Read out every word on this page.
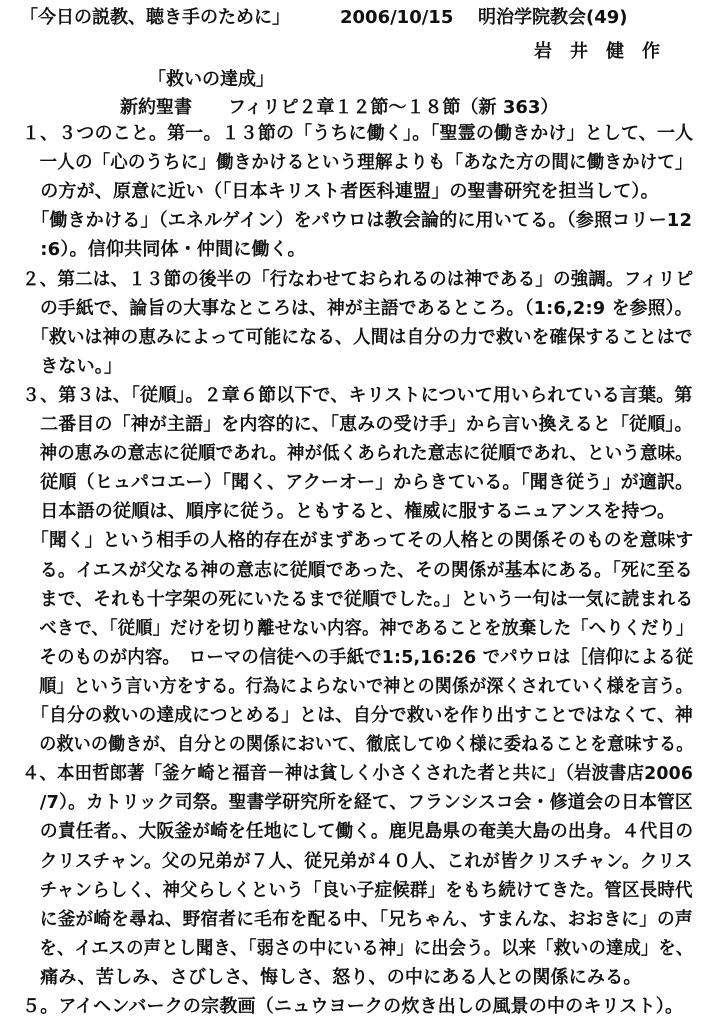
「今日の説教、聴き手のために」	2006/10/15 明治学院教会(49)
岩　井　健　作
「救いの達成」
新約聖書　　フィリピ２章１２節～１８節（新 363）
１、３つのこと。第一。１３節の「うちに働く」。「聖霊の働きかけ」として、一人
　一人の「心のうちに」働きかけるという理解よりも「あなた方の間に働きかけて」
　の方が、原意に近い（「日本キリスト者医科連盟」の聖書研究を担当して）。
　「働きかける」（エネルゲイン）をパウロは教会論的に用いてる。（参照コリー12
　:6）。信仰共同体・仲間に働く。
２、第二は、１３節の後半の「行なわせておられるのは神である」の強調。フィリピ
　の手紙で、論旨の大事なところは、神が主語であるところ。（1:6,2:9 を参照）。
　「救いは神の恵みによって可能になる、人間は自分の力で救いを確保することはで
　きない。」
３、第３は、「従順」。２章６節以下で、キリストについて用いられている言葉。第
　二番目の「神が主語」を内容的に、「恵みの受け手」から言い換えると「従順」。
　神の恵みの意志に従順であれ。神が低くあられた意志に従順であれ、という意味。
　従順（ヒュパコエー）「聞く、アクーオー」からきている。「聞き従う」が適訳。
　日本語の従順は、順序に従う。ともすると、権威に服するニュアンスを持つ。
　「聞く」という相手の人格的存在がまずあってその人格との関係そのものを意味す
　る。イエスが父なる神の意志に従順であった、その関係が基本にある。「死に至る
　まで、それも十字架の死にいたるまで従順でした。」という一句は一気に読まれる
　べきで、「従順」だけを切り離せない内容。神であることを放棄した「へりくだり」
　そのものが内容。　ローマの信徒への手紙で1:5,16:26 でパウロは［信仰による従
　順」という言い方をする。行為によらないで神との関係が深くされていく様を言う。
　「自分の救いの達成につとめる」とは、自分で救いを作り出すことではなくて、神
　の救いの働きが、自分との関係において、徹底してゆく様に委ねることを意味する。
４、本田哲郎著「釜ケ崎と福音－神は貧しく小さくされた者と共に」（岩波書店2006
　/7）。カトリック司祭。聖書学研究所を経て、フランシスコ会・修道会の日本管区
　の責任者。、大阪釜が崎を任地にして働く。鹿児島県の奄美大島の出身。４代目の
　クリスチャン。父の兄弟が７人、従兄弟が４０人、これが皆クリスチャン。クリス
　チャンらしく、神父らしくという「良い子症候群」をもち続けてきた。管区長時代
　に釜が崎を尋ね、野宿者に毛布を配る中、「兄ちゃん、すまんな、おおきに」の声
　を、イエスの声とし聞き、「弱さの中にいる神」に出会う。以来「救いの達成」を、
　痛み、苦しみ、さびしさ、悔しさ、怒り、の中にある人との関係にみる。
５。アイヘンバークの宗教画（ニュウヨークの炊き出しの風景の中のキリスト）。
